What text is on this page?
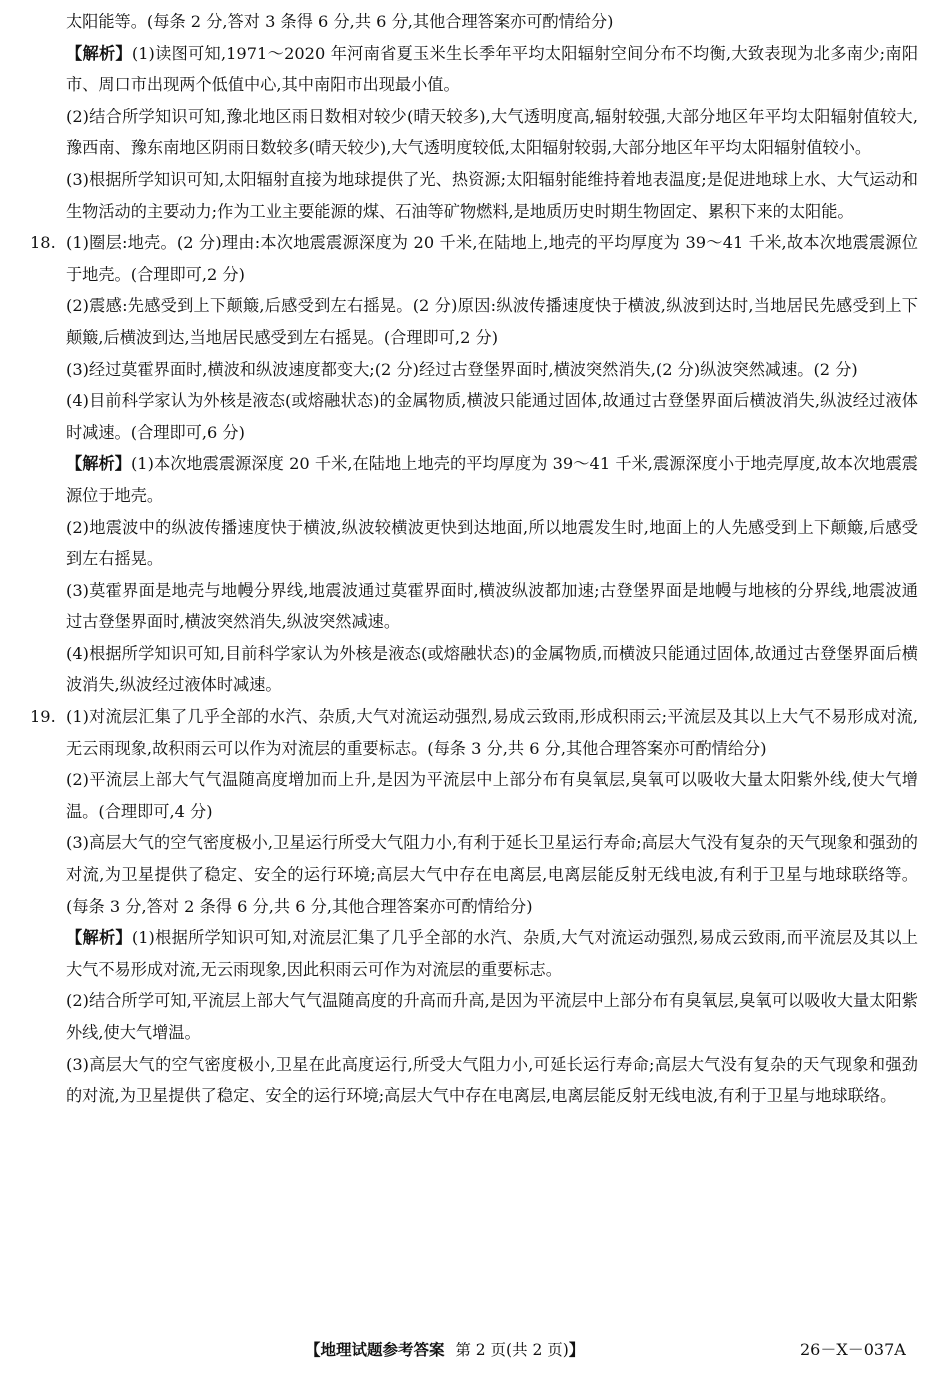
太阳能等。(每条 2 分,答对 3 条得 6 分,共 6 分,其他合理答案亦可酌情给分)

【解析】(1)读图可知,1971～2020 年河南省夏玉米生长季年平均太阳辐射空间分布不均衡,大致表现为北多南少;南阳市、周口市出现两个低值中心,其中南阳市出现最小值。

(2)结合所学知识可知,豫北地区雨日数相对较少(晴天较多),大气透明度高,辐射较强,大部分地区年平均太阳辐射值较大,豫西南、豫东南地区阴雨日数较多(晴天较少),大气透明度较低,太阳辐射较弱,大部分地区年平均太阳辐射值较小。

(3)根据所学知识可知,太阳辐射直接为地球提供了光、热资源;太阳辐射能维持着地表温度;是促进地球上水、大气运动和生物活动的主要动力;作为工业主要能源的煤、石油等矿物燃料,是地质历史时期生物固定、累积下来的太阳能。

18. (1)圈层:地壳。(2 分)理由:本次地震震源深度为 20 千米,在陆地上,地壳的平均厚度为 39～41 千米,故本次地震震源位于地壳。(合理即可,2 分)

(2)震感:先感受到上下颠簸,后感受到左右摇晃。(2 分)原因:纵波传播速度快于横波,纵波到达时,当地居民先感受到上下颠簸,后横波到达,当地居民感受到左右摇晃。(合理即可,2 分)

(3)经过莫霍界面时,横波和纵波速度都变大;(2 分)经过古登堡界面时,横波突然消失,(2 分)纵波突然减速。(2 分)

(4)目前科学家认为外核是液态(或熔融状态)的金属物质,横波只能通过固体,故通过古登堡界面后横波消失,纵波经过液体时减速。(合理即可,6 分)

【解析】(1)本次地震震源深度 20 千米,在陆地上地壳的平均厚度为 39～41 千米,震源深度小于地壳厚度,故本次地震震源位于地壳。

(2)地震波中的纵波传播速度快于横波,纵波较横波更快到达地面,所以地震发生时,地面上的人先感受到上下颠簸,后感受到左右摇晃。

(3)莫霍界面是地壳与地幔分界线,地震波通过莫霍界面时,横波纵波都加速;古登堡界面是地幔与地核的分界线,地震波通过古登堡界面时,横波突然消失,纵波突然减速。

(4)根据所学知识可知,目前科学家认为外核是液态(或熔融状态)的金属物质,而横波只能通过固体,故通过古登堡界面后横波消失,纵波经过液体时减速。

19. (1)对流层汇集了几乎全部的水汽、杂质,大气对流运动强烈,易成云致雨,形成积雨云;平流层及其以上大气不易形成对流,无云雨现象,故积雨云可以作为对流层的重要标志。(每条 3 分,共 6 分,其他合理答案亦可酌情给分)

(2)平流层上部大气气温随高度增加而上升,是因为平流层中上部分布有臭氧层,臭氧可以吸收大量太阳紫外线,使大气增温。(合理即可,4 分)

(3)高层大气的空气密度极小,卫星运行所受大气阻力小,有利于延长卫星运行寿命;高层大气没有复杂的天气现象和强劲的对流,为卫星提供了稳定、安全的运行环境;高层大气中存在电离层,电离层能反射无线电波,有利于卫星与地球联络等。(每条 3 分,答对 2 条得 6 分,共 6 分,其他合理答案亦可酌情给分)

【解析】(1)根据所学知识可知,对流层汇集了几乎全部的水汽、杂质,大气对流运动强烈,易成云致雨,而平流层及其以上大气不易形成对流,无云雨现象,因此积雨云可作为对流层的重要标志。

(2)结合所学可知,平流层上部大气气温随高度的升高而升高,是因为平流层中上部分布有臭氧层,臭氧可以吸收大量太阳紫外线,使大气增温。

(3)高层大气的空气密度极小,卫星在此高度运行,所受大气阻力小,可延长运行寿命;高层大气没有复杂的天气现象和强劲的对流,为卫星提供了稳定、安全的运行环境;高层大气中存在电离层,电离层能反射无线电波,有利于卫星与地球联络。

【地理试题参考答案 第 2 页(共 2 页)】	26－X－037A
